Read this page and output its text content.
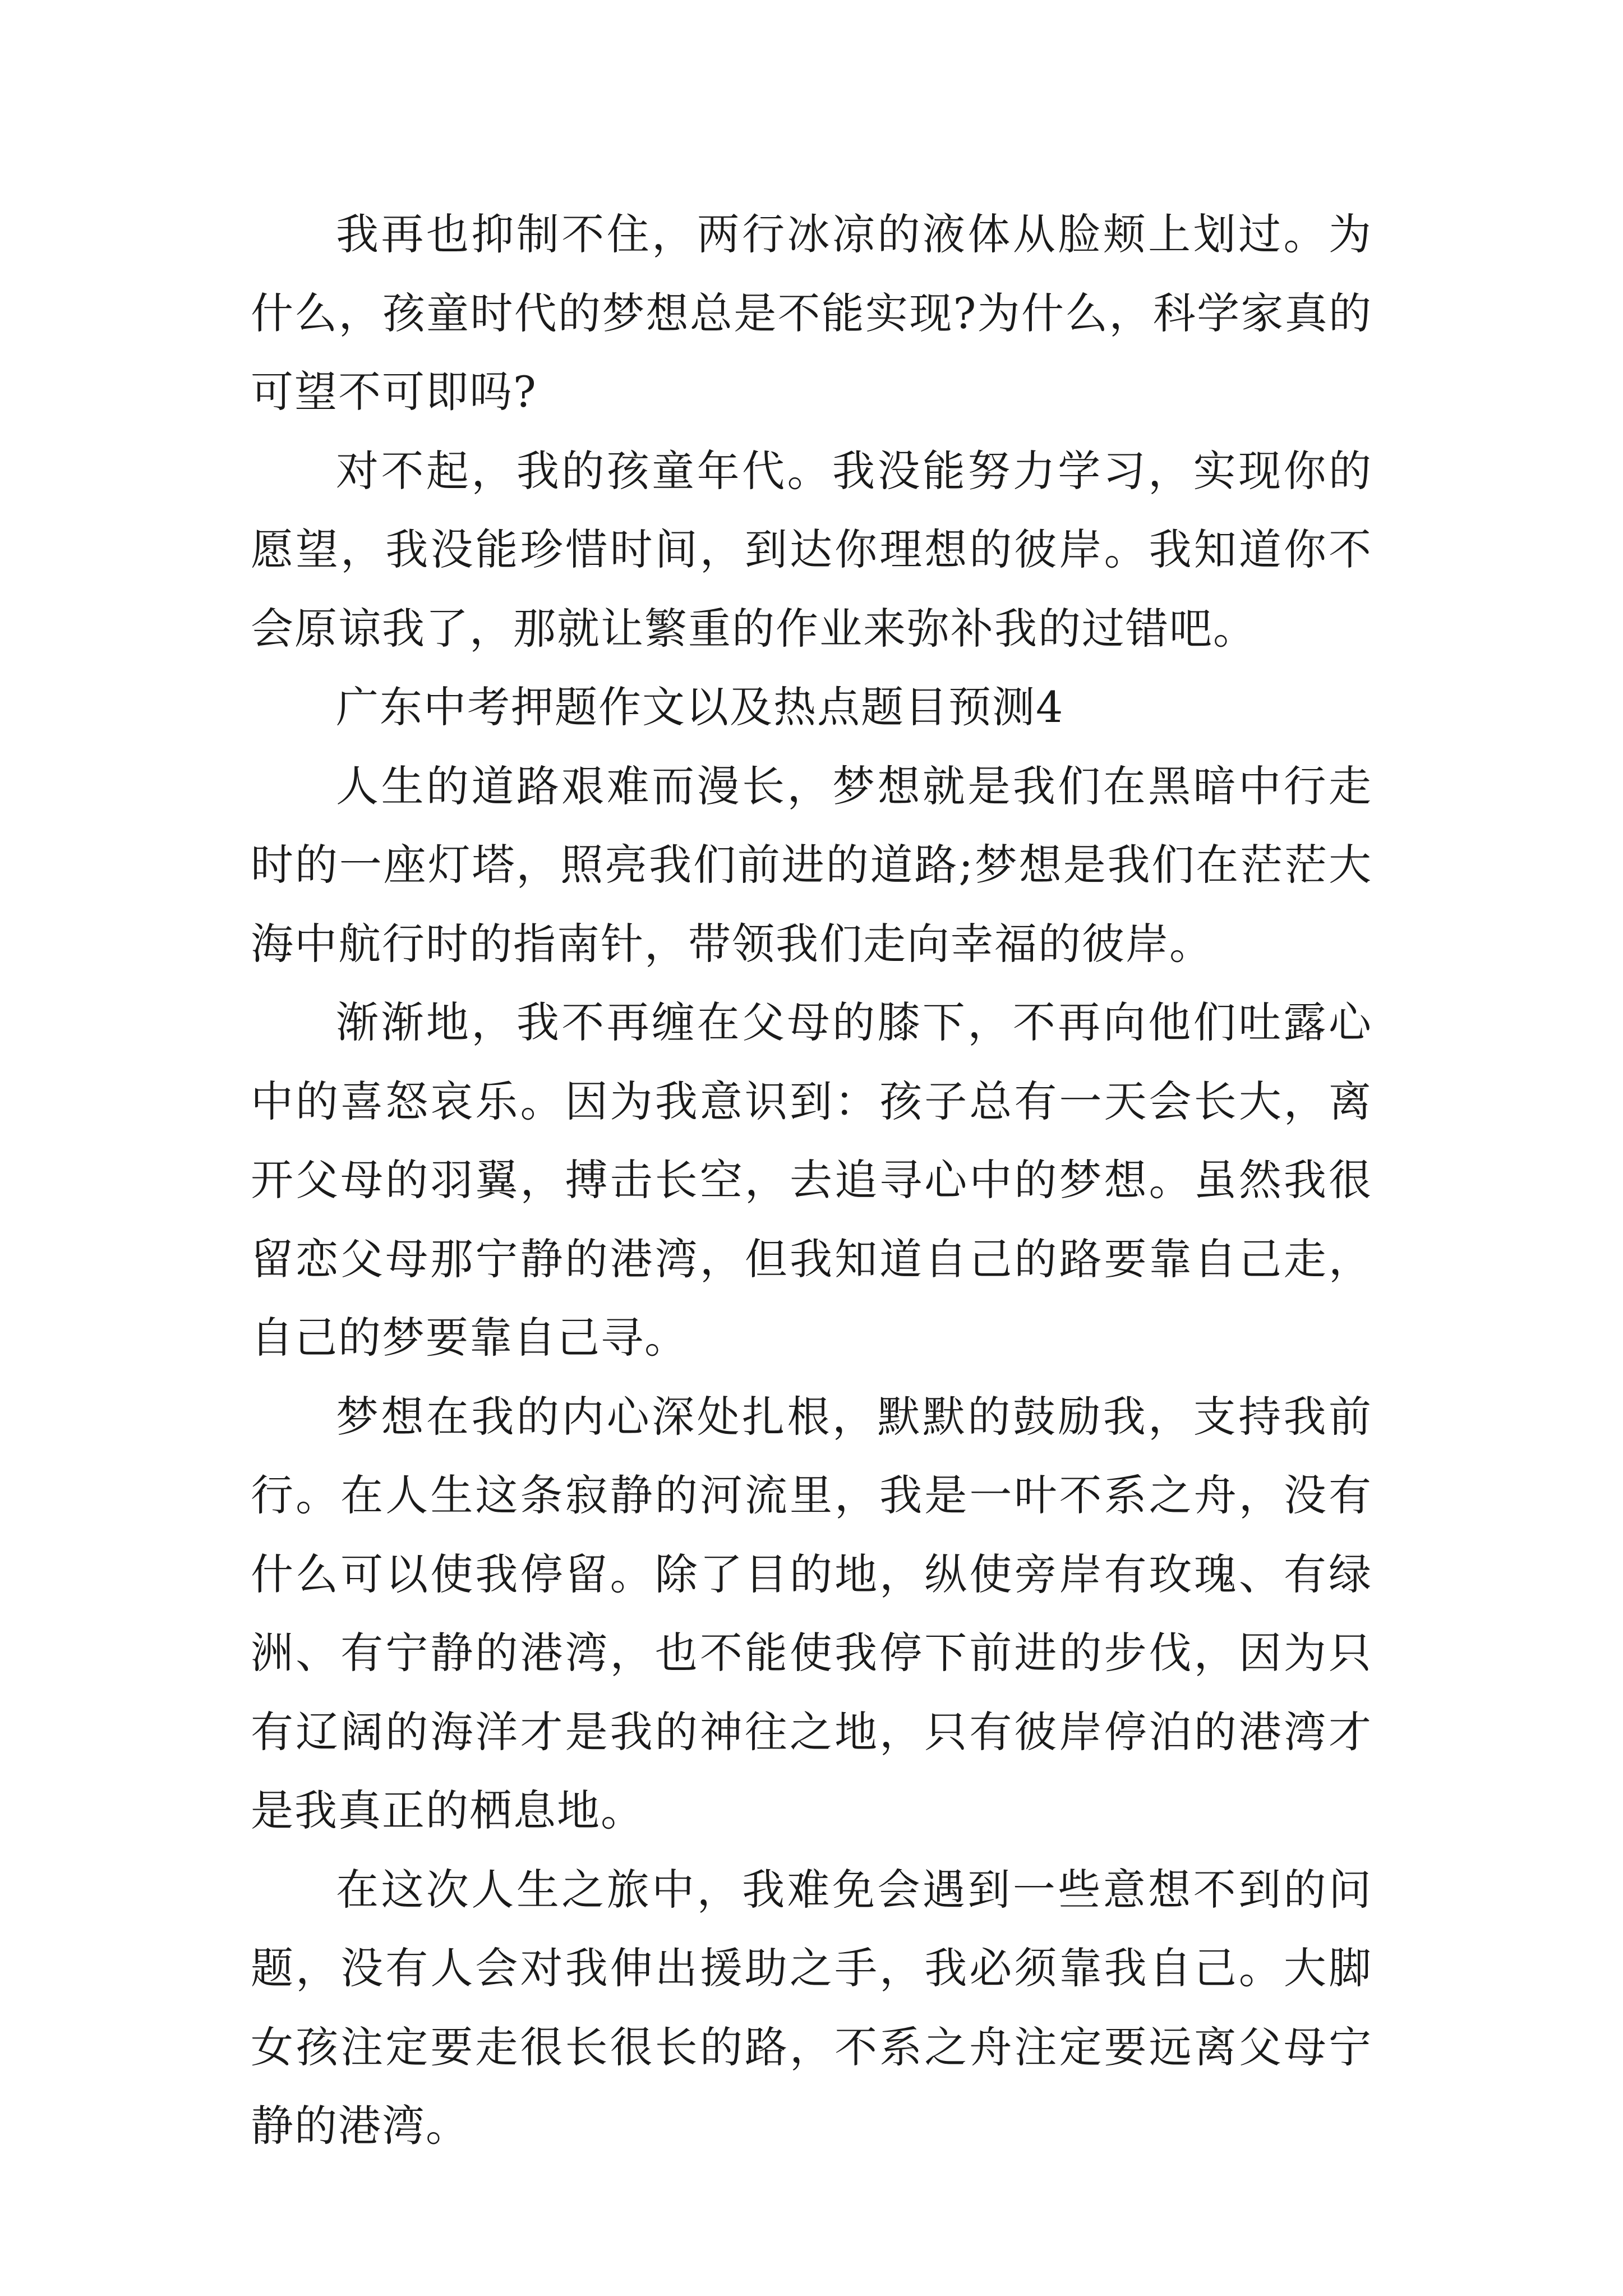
我再也抑制不住，两行冰凉的液体从脸颊上划过。为什么，孩童时代的梦想总是不能实现?为什么，科学家真的可望不可即吗?

对不起，我的孩童年代。我没能努力学习，实现你的愿望，我没能珍惜时间，到达你理想的彼岸。我知道你不会原谅我了，那就让繁重的作业来弥补我的过错吧。

广东中考押题作文以及热点题目预测4

人生的道路艰难而漫长，梦想就是我们在黑暗中行走时的一座灯塔，照亮我们前进的道路;梦想是我们在茫茫大海中航行时的指南针，带领我们走向幸福的彼岸。

渐渐地，我不再缠在父母的膝下，不再向他们吐露心中的喜怒哀乐。因为我意识到：孩子总有一天会长大，离开父母的羽翼，搏击长空，去追寻心中的梦想。虽然我很留恋父母那宁静的港湾，但我知道自己的路要靠自己走，自己的梦要靠自己寻。

梦想在我的内心深处扎根，默默的鼓励我，支持我前行。在人生这条寂静的河流里，我是一叶不系之舟，没有什么可以使我停留。除了目的地，纵使旁岸有玫瑰、有绿洲、有宁静的港湾，也不能使我停下前进的步伐，因为只有辽阔的海洋才是我的神往之地，只有彼岸停泊的港湾才是我真正的栖息地。

在这次人生之旅中，我难免会遇到一些意想不到的问题，没有人会对我伸出援助之手，我必须靠我自己。大脚女孩注定要走很长很长的路，不系之舟注定要远离父母宁静的港湾。
